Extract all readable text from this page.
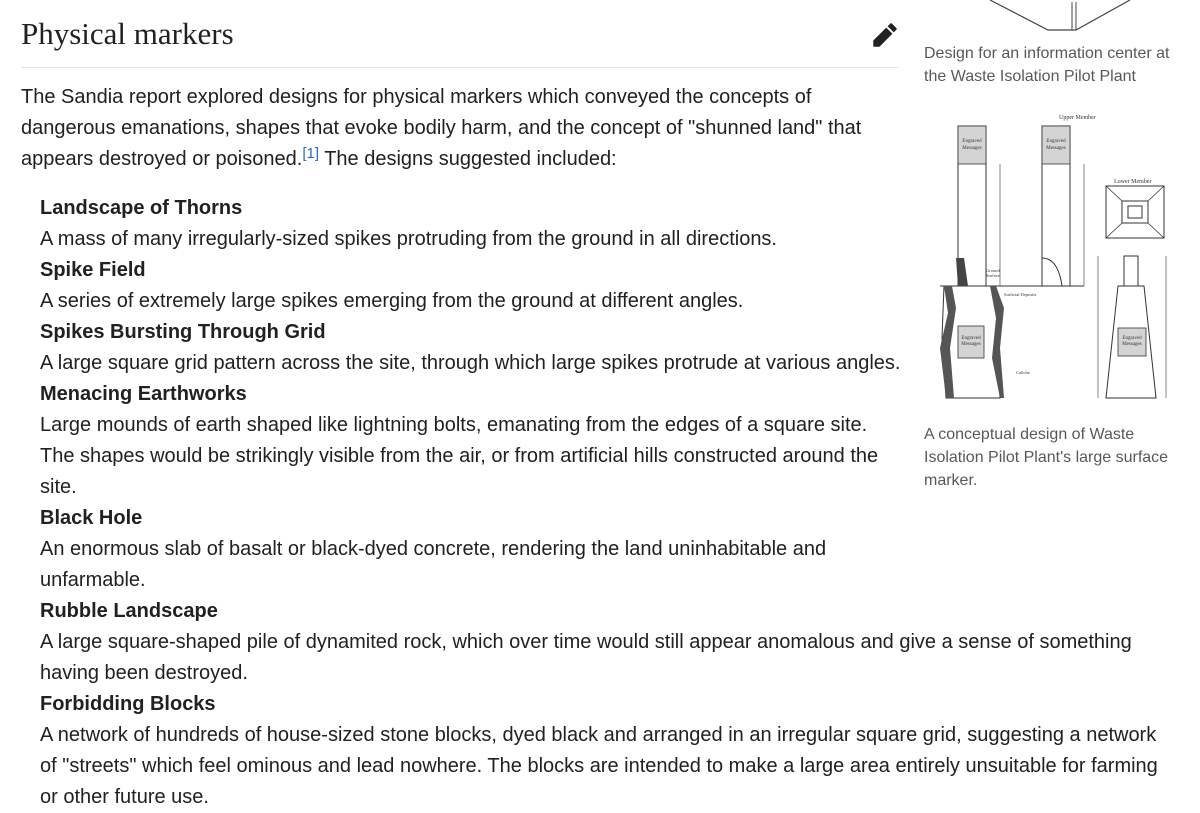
Physical markers

The Sandia report explored designs for physical markers which conveyed the concepts of dangerous emanations, shapes that evoke bodily harm, and the concept of "shunned land" that appears destroyed or poisoned.[1] The designs suggested included:

Landscape of Thorns
A mass of many irregularly-sized spikes protruding from the ground in all directions.
Spike Field
A series of extremely large spikes emerging from the ground at different angles.
Spikes Bursting Through Grid
A large square grid pattern across the site, through which large spikes protrude at various angles.
Menacing Earthworks
Large mounds of earth shaped like lightning bolts, emanating from the edges of a square site. The shapes would be strikingly visible from the air, or from artificial hills constructed around the site.
Black Hole
An enormous slab of basalt or black-dyed concrete, rendering the land uninhabitable and unfarmable.
Rubble Landscape
A large square-shaped pile of dynamited rock, which over time would still appear anomalous and give a sense of something having been destroyed.
Forbidding Blocks
A network of hundreds of house-sized stone blocks, dyed black and arranged in an irregular square grid, suggesting a network of "streets" which feel ominous and lead nowhere. The blocks are intended to make a large area entirely unsuitable for farming or other future use.
Design for an information center at the Waste Isolation Pilot Plant
Upper Member
Lower Member
Engraved
Messages
Engraved
Messages
Ground
Surface
Surficial Deposits
Caliche
Engraved
Messages
Engraved
Messages
A conceptual design of Waste Isolation Pilot Plant's large surface marker.
